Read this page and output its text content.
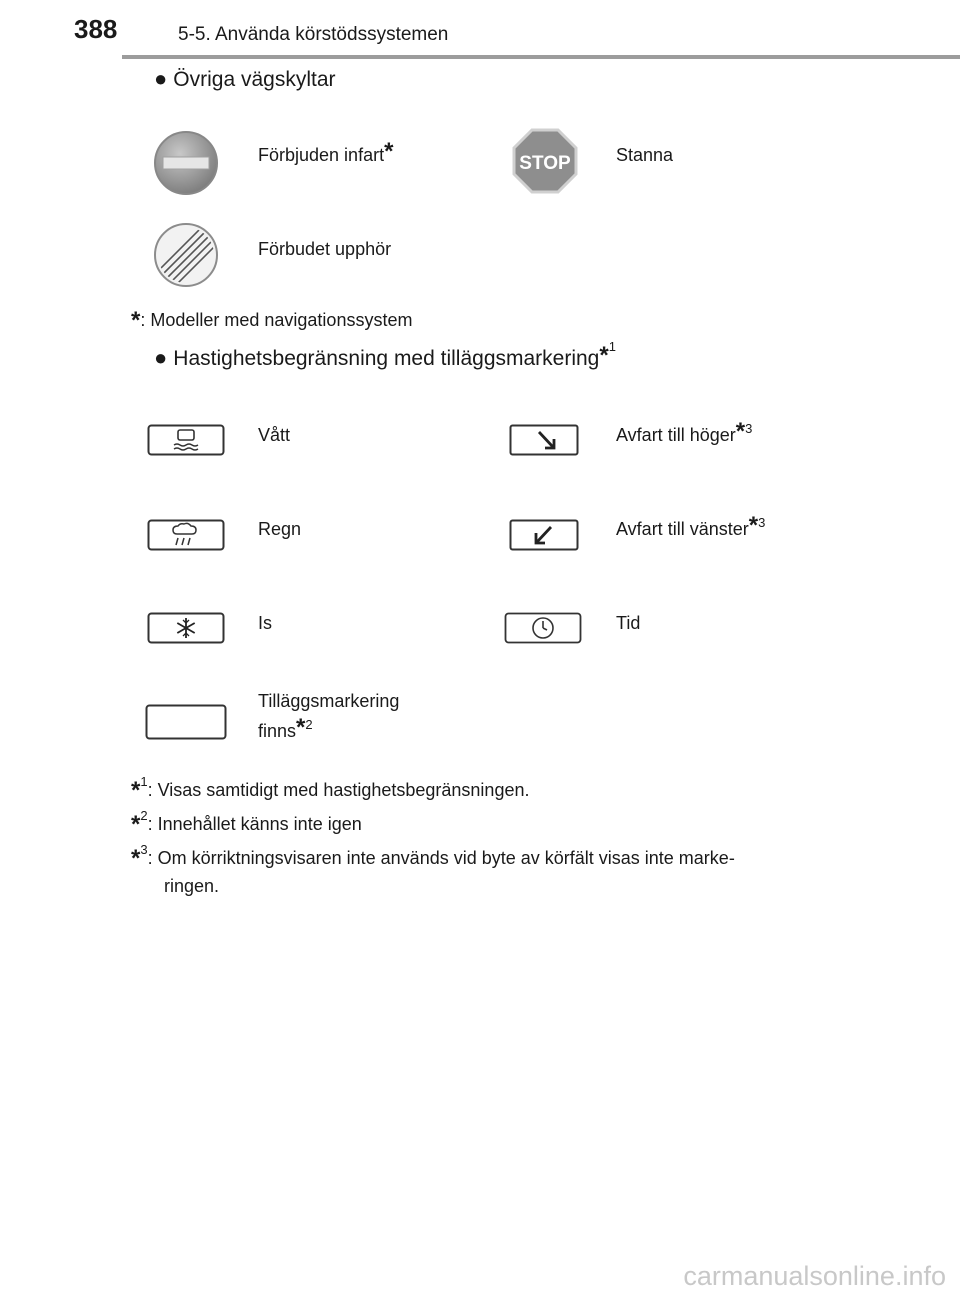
388	5-5. Använda körstödssystemen
● Övriga vägskyltar
Förbjuden infart*	STOP	Stanna
Förbudet upphör
*: Modeller med navigationssystem
● Hastighetsbegränsning med tilläggsmarkering*$^1$
Vått	Avfart till höger*$^3$
Regn	Avfart till vänster*$^3$
Is	Tid
Tilläggsmarkering
finns*$^2$
*$^1$: Visas samtidigt med hastighetsbegränsningen.
*$^2$: Innehållet känns inte igen
*$^3$: Om körriktningsvisaren inte används vid byte av körfält visas inte marke-
ringen.
carmanualsonline.info
